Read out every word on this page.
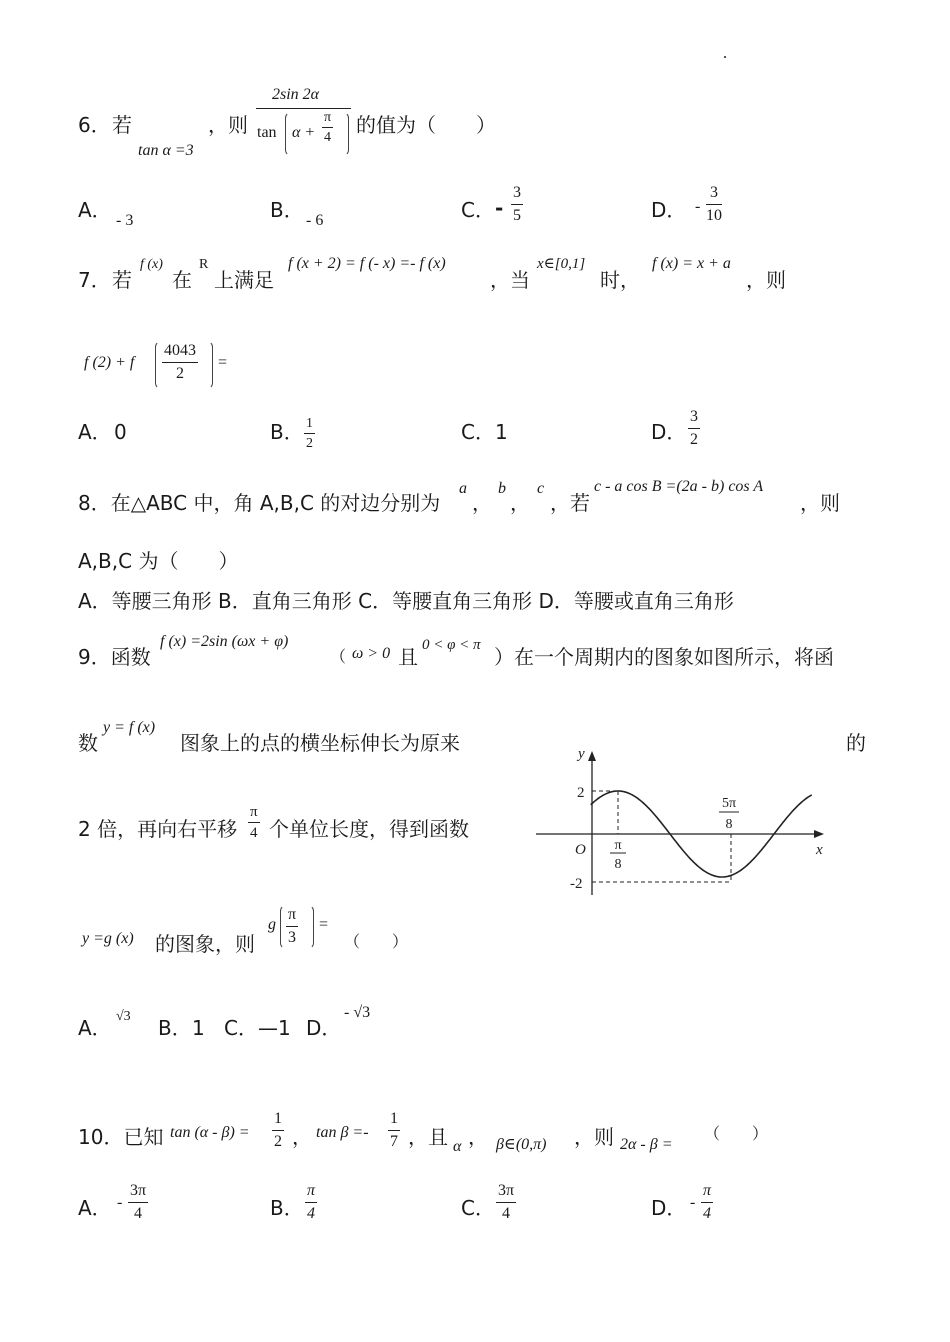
6． 若
tan α =3
，则
2sin 2α
$\tan \alpha + \frac{\pi}{4}$ 的值为（　　）
A． - 3	B． - 6	C． - $\frac{3}{5}$	D． - $\frac{3}{10}$
7． 若
f (x)
在
R
上满足
f (x + 2) = f (- x) =- f (x)
，当
x∈[0,1]
时，
f (x) = x + a
，则
f (2) + f $\frac{4043}{2}$ =
A． 0	B． $\frac{1}{2}$	C． 1	D． $\frac{3}{2}$
8．在△ABC 中，角 A,B,C 的对边分别为
a
，
b
，
c
，若
c - a cos B =(2a - b) cos A
，则
A,B,C 为（　　）
A．等腰三角形 B．直角三角形 C．等腰直角三角形 D．等腰或直角三角形
9．函数
f (x) =2sin (ωx + φ)
（ ω > 0 且 0 < φ < π ）在一个周期内的图象如图所示，将函
数
y = f (x)
图象上的点的横坐标伸长为原来	的
2 倍，再向右平移 $\frac{\pi}{4}$ 个单位长度，得到函数
y =g (x) 的图象，则
g $\frac{\pi}{3}$ =
（　　）
A． √3 B． 1 C． —1 D．
- √3
y
x
O
2
-2
π
8
5π
8
10．已知 $\tan (\alpha - \beta) = \frac{1}{2}$ ， $\tan \beta =- \frac{1}{7}$ ，且 α ， β∈(0,π) ，则 2α - β =
（　　）
A． - $\frac{3\pi}{4}$	B． $\frac{\pi}{4}$	C． $\frac{3\pi}{4}$	D． - $\frac{\pi}{4}$
